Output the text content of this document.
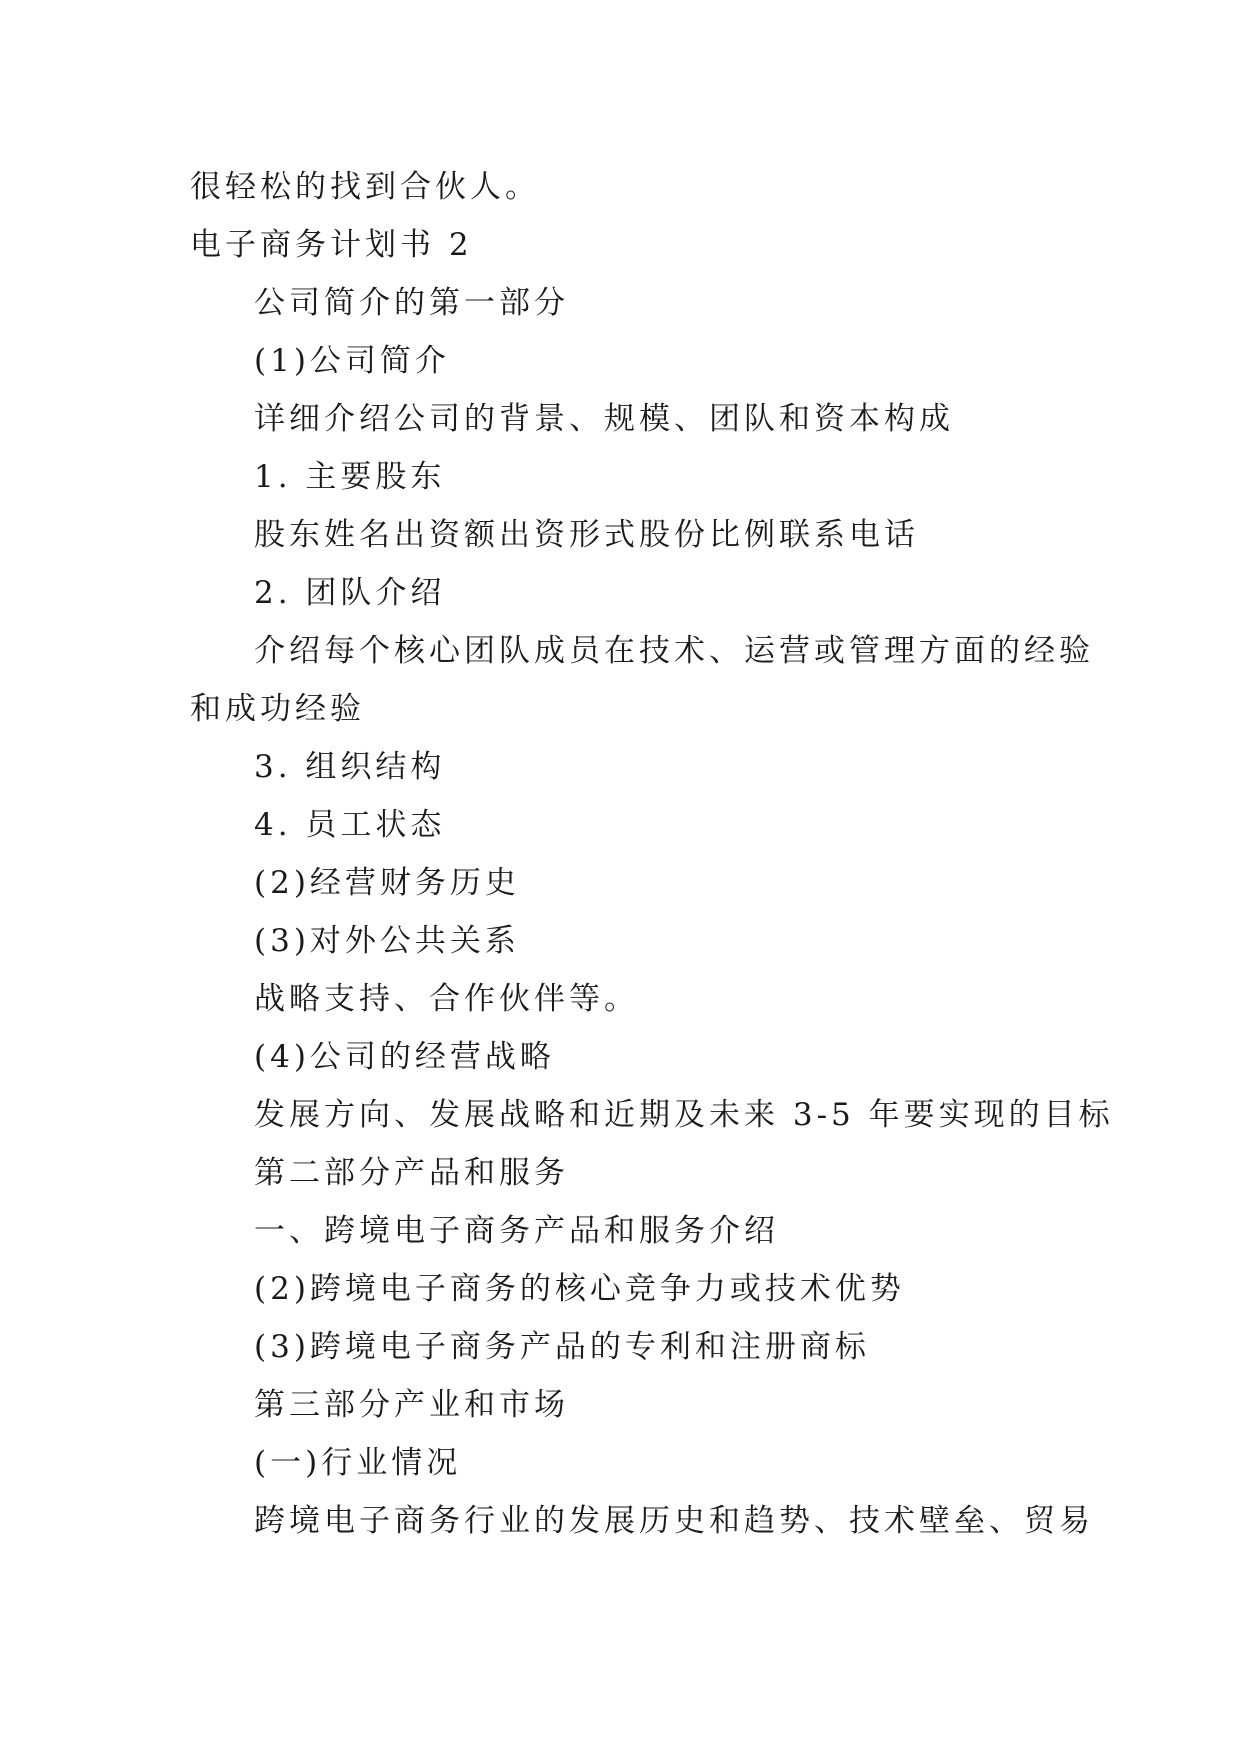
很轻松的找到合伙人。
电子商务计划书 2
公司简介的第一部分
(1)公司简介
详细介绍公司的背景、规模、团队和资本构成
1. 主要股东
股东姓名出资额出资形式股份比例联系电话
2. 团队介绍
介绍每个核心团队成员在技术、运营或管理方面的经验
和成功经验
3. 组织结构
4. 员工状态
(2)经营财务历史
(3)对外公共关系
战略支持、合作伙伴等。
(4)公司的经营战略
发展方向、发展战略和近期及未来 3-5 年要实现的目标
第二部分产品和服务
一、跨境电子商务产品和服务介绍
(2)跨境电子商务的核心竞争力或技术优势
(3)跨境电子商务产品的专利和注册商标
第三部分产业和市场
(一)行业情况
跨境电子商务行业的发展历史和趋势、技术壁垒、贸易
